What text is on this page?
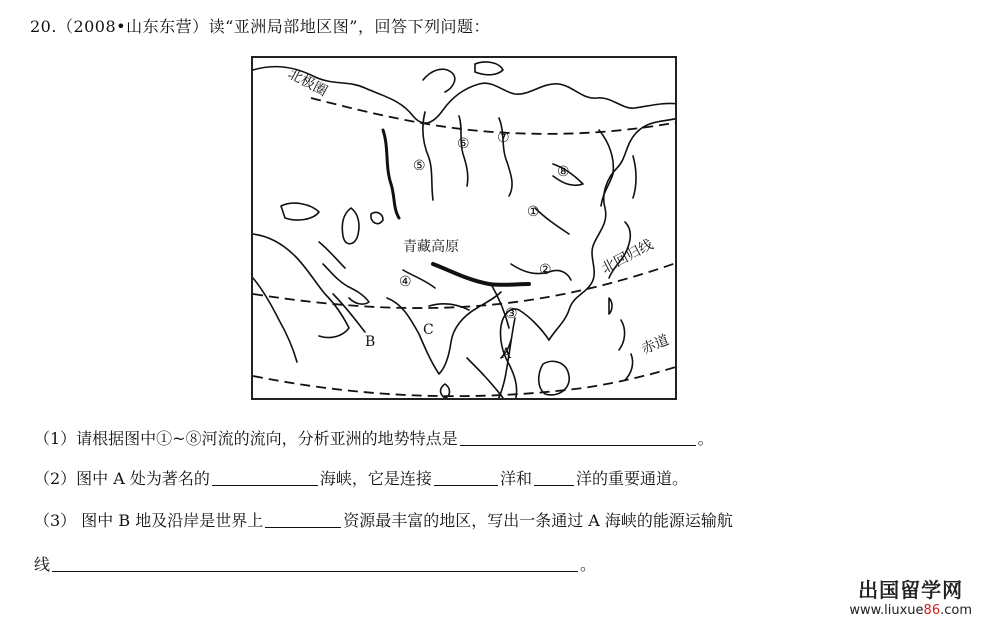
20.（2008•山东东营）读“亚洲局部地区图”，回答下列问题：
北极圈
北回归线
赤道
青藏高原
A
B
C
①
②
③
④
⑤
⑥ ⑦
⑧
（1）请根据图中①~⑧河流的流向，分析亚洲的地势特点是	。
（2）图中 A 处为著名的	海峡，它是连接	洋和	洋的重要通道。
（3） 图中 B 地及沿岸是世界上	资源最丰富的地区，写出一条通过 A 海峡的能源运输航
线	。
出国留学网
www.liuxue86.com
